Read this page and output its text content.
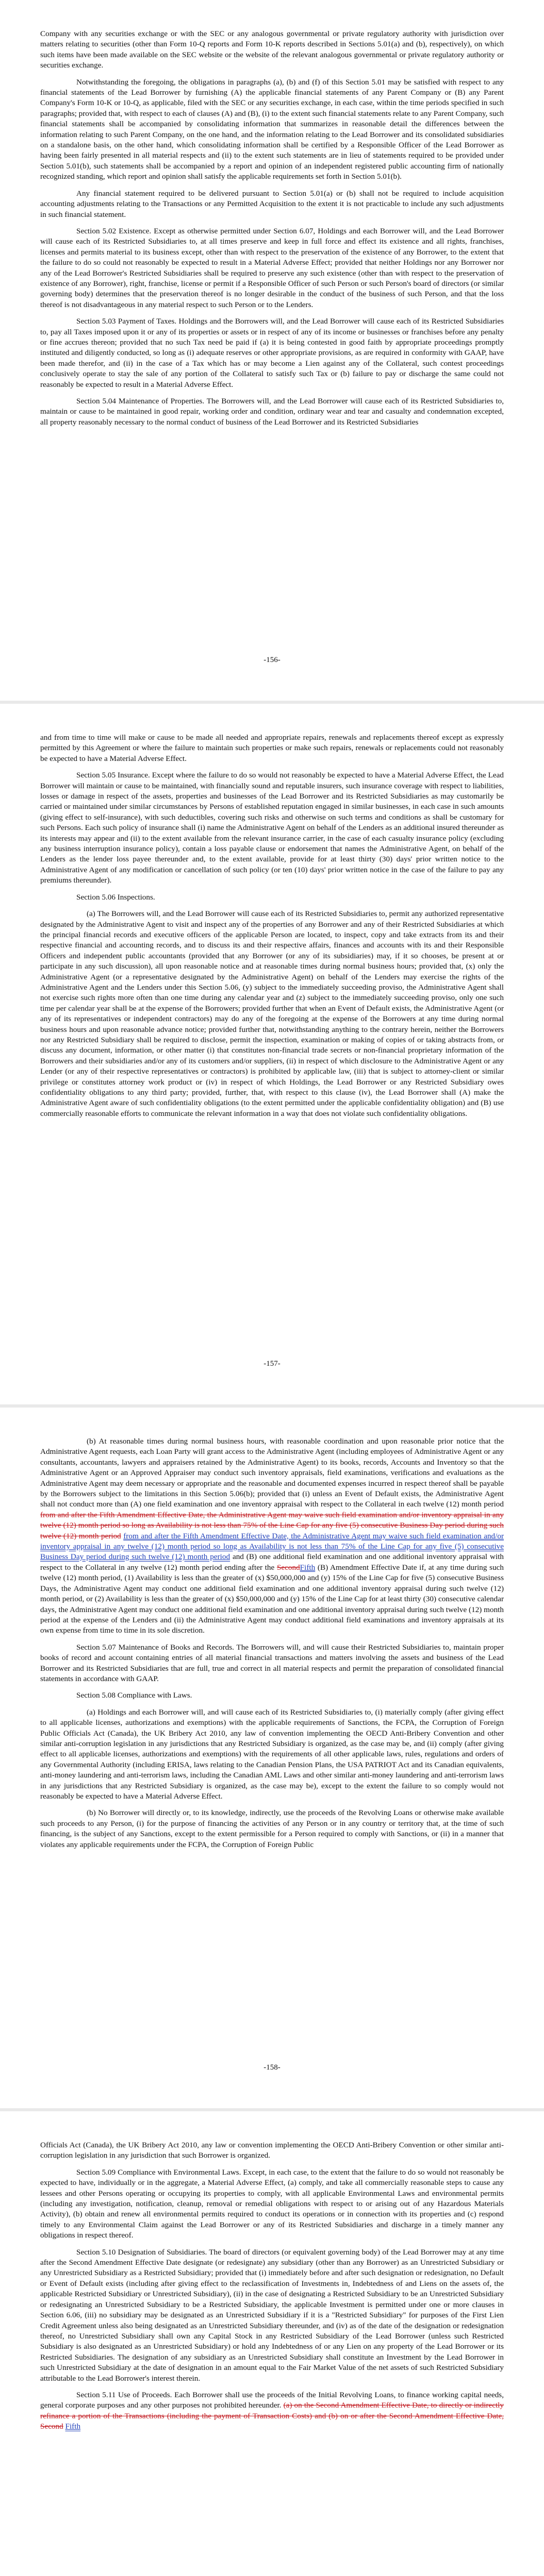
Company with any securities exchange or with the SEC or any analogous governmental or private regulatory authority with jurisdiction over matters relating to securities (other than Form 10-Q reports and Form 10-K reports described in Sections 5.01(a) and (b), respectively), on which such items have been made available on the SEC website or the website of the relevant analogous governmental or private regulatory authority or securities exchange.

Notwithstanding the foregoing, the obligations in paragraphs (a), (b) and (f) of this Section 5.01 may be satisfied with respect to any financial statements of the Lead Borrower by furnishing (A) the applicable financial statements of any Parent Company or (B) any Parent Company's Form 10-K or 10-Q, as applicable, filed with the SEC or any securities exchange, in each case, within the time periods specified in such paragraphs; provided that, with respect to each of clauses (A) and (B), (i) to the extent such financial statements relate to any Parent Company, such financial statements shall be accompanied by consolidating information that summarizes in reasonable detail the differences between the information relating to such Parent Company, on the one hand, and the information relating to the Lead Borrower and its consolidated subsidiaries on a standalone basis, on the other hand, which consolidating information shall be certified by a Responsible Officer of the Lead Borrower as having been fairly presented in all material respects and (ii) to the extent such statements are in lieu of statements required to be provided under Section 5.01(b), such statements shall be accompanied by a report and opinion of an independent registered public accounting firm of nationally recognized standing, which report and opinion shall satisfy the applicable requirements set forth in Section 5.01(b).

Any financial statement required to be delivered pursuant to Section 5.01(a) or (b) shall not be required to include acquisition accounting adjustments relating to the Transactions or any Permitted Acquisition to the extent it is not practicable to include any such adjustments in such financial statement.

Section 5.02 Existence. Except as otherwise permitted under Section 6.07, Holdings and each Borrower will, and the Lead Borrower will cause each of its Restricted Subsidiaries to, at all times preserve and keep in full force and effect its existence and all rights, franchises, licenses and permits material to its business except, other than with respect to the preservation of the existence of any Borrower, to the extent that the failure to do so could not reasonably be expected to result in a Material Adverse Effect; provided that neither Holdings nor any Borrower nor any of the Lead Borrower's Restricted Subsidiaries shall be required to preserve any such existence (other than with respect to the preservation of existence of any Borrower), right, franchise, license or permit if a Responsible Officer of such Person or such Person's board of directors (or similar governing body) determines that the preservation thereof is no longer desirable in the conduct of the business of such Person, and that the loss thereof is not disadvantageous in any material respect to such Person or to the Lenders.

Section 5.03 Payment of Taxes. Holdings and the Borrowers will, and the Lead Borrower will cause each of its Restricted Subsidiaries to, pay all Taxes imposed upon it or any of its properties or assets or in respect of any of its income or businesses or franchises before any penalty or fine accrues thereon; provided that no such Tax need be paid if (a) it is being contested in good faith by appropriate proceedings promptly instituted and diligently conducted, so long as (i) adequate reserves or other appropriate provisions, as are required in conformity with GAAP, have been made therefor, and (ii) in the case of a Tax which has or may become a Lien against any of the Collateral, such contest proceedings conclusively operate to stay the sale of any portion of the Collateral to satisfy such Tax or (b) failure to pay or discharge the same could not reasonably be expected to result in a Material Adverse Effect.

Section 5.04 Maintenance of Properties. The Borrowers will, and the Lead Borrower will cause each of its Restricted Subsidiaries to, maintain or cause to be maintained in good repair, working order and condition, ordinary wear and tear and casualty and condemnation excepted, all property reasonably necessary to the normal conduct of business of the Lead Borrower and its Restricted Subsidiaries

-156-

and from time to time will make or cause to be made all needed and appropriate repairs, renewals and replacements thereof except as expressly permitted by this Agreement or where the failure to maintain such properties or make such repairs, renewals or replacements could not reasonably be expected to have a Material Adverse Effect.

Section 5.05 Insurance. Except where the failure to do so would not reasonably be expected to have a Material Adverse Effect, the Lead Borrower will maintain or cause to be maintained, with financially sound and reputable insurers, such insurance coverage with respect to liabilities, losses or damage in respect of the assets, properties and businesses of the Lead Borrower and its Restricted Subsidiaries as may customarily be carried or maintained under similar circumstances by Persons of established reputation engaged in similar businesses, in each case in such amounts (giving effect to self-insurance), with such deductibles, covering such risks and otherwise on such terms and conditions as shall be customary for such Persons. Each such policy of insurance shall (i) name the Administrative Agent on behalf of the Lenders as an additional insured thereunder as its interests may appear and (ii) to the extent available from the relevant insurance carrier, in the case of each casualty insurance policy (excluding any business interruption insurance policy), contain a loss payable clause or endorsement that names the Administrative Agent, on behalf of the Lenders as the lender loss payee thereunder and, to the extent available, provide for at least thirty (30) days' prior written notice to the Administrative Agent of any modification or cancellation of such policy (or ten (10) days' prior written notice in the case of the failure to pay any premiums thereunder).

Section 5.06 Inspections.

(a) The Borrowers will, and the Lead Borrower will cause each of its Restricted Subsidiaries to, permit any authorized representative designated by the Administrative Agent to visit and inspect any of the properties of any Borrower and any of their Restricted Subsidiaries at which the principal financial records and executive officers of the applicable Person are located, to inspect, copy and take extracts from its and their respective financial and accounting records, and to discuss its and their respective affairs, finances and accounts with its and their Responsible Officers and independent public accountants (provided that any Borrower (or any of its subsidiaries) may, if it so chooses, be present at or participate in any such discussion), all upon reasonable notice and at reasonable times during normal business hours; provided that, (x) only the Administrative Agent (or a representative designated by the Administrative Agent) on behalf of the Lenders may exercise the rights of the Administrative Agent and the Lenders under this Section 5.06, (y) subject to the immediately succeeding proviso, the Administrative Agent shall not exercise such rights more often than one time during any calendar year and (z) subject to the immediately succeeding proviso, only one such time per calendar year shall be at the expense of the Borrowers; provided further that when an Event of Default exists, the Administrative Agent (or any of its representatives or independent contractors) may do any of the foregoing at the expense of the Borrowers at any time during normal business hours and upon reasonable advance notice; provided further that, notwithstanding anything to the contrary herein, neither the Borrowers nor any Restricted Subsidiary shall be required to disclose, permit the inspection, examination or making of copies of or taking abstracts from, or discuss any document, information, or other matter (i) that constitutes non-financial trade secrets or non-financial proprietary information of the Borrowers and their subsidiaries and/or any of its customers and/or suppliers, (ii) in respect of which disclosure to the Administrative Agent or any Lender (or any of their respective representatives or contractors) is prohibited by applicable law, (iii) that is subject to attorney-client or similar privilege or constitutes attorney work product or (iv) in respect of which Holdings, the Lead Borrower or any Restricted Subsidiary owes confidentiality obligations to any third party; provided, further, that, with respect to this clause (iv), the Lead Borrower shall (A) make the Administrative Agent aware of such confidentiality obligations (to the extent permitted under the applicable confidentiality obligation) and (B) use commercially reasonable efforts to communicate the relevant information in a way that does not violate such confidentiality obligations.

-157-

(b) At reasonable times during normal business hours, with reasonable coordination and upon reasonable prior notice that the Administrative Agent requests, each Loan Party will grant access to the Administrative Agent (including employees of Administrative Agent or any consultants, accountants, lawyers and appraisers retained by the Administrative Agent) to its books, records, Accounts and Inventory so that the Administrative Agent or an Approved Appraiser may conduct such inventory appraisals, field examinations, verifications and evaluations as the Administrative Agent may deem necessary or appropriate and the reasonable and documented expenses incurred in respect thereof shall be payable by the Borrowers subject to the limitations in this Section 5.06(b); provided that (i) unless an Event of Default exists, the Administrative Agent shall not conduct more than (A) one field examination and one inventory appraisal with respect to the Collateral in each twelve (12) month period from and after the Fifth Amendment Effective Date, the Administrative Agent may waive such field examination and/or inventory appraisal in any twelve (12) month period so long as Availability is not less than 75% of the Line Cap for any five (5) consecutive Business Day period during such twelve (12) month period from and after the Fifth Amendment Effective Date, the Administrative Agent may waive such field examination and/or inventory appraisal in any twelve (12) month period so long as Availability is not less than 75% of the Line Cap for any five (5) consecutive Business Day period during such twelve (12) month period and (B) one additional field examination and one additional inventory appraisal with respect to the Collateral in any twelve (12) month period ending after the SecondFifth (B) Amendment Effective Date if, at any time during such twelve (12) month period, (1) Availability is less than the greater of (x) $50,000,000 and (y) 15% of the Line Cap for five (5) consecutive Business Days, the Administrative Agent may conduct one additional field examination and one additional inventory appraisal during such twelve (12) month period, or (2) Availability is less than the greater of (x) $50,000,000 and (y) 15% of the Line Cap for at least thirty (30) consecutive calendar days, the Administrative Agent may conduct one additional field examination and one additional inventory appraisal during such twelve (12) month period at the expense of the Lenders and (ii) the Administrative Agent may conduct additional field examinations and inventory appraisals at its own expense from time to time in its sole discretion.

Section 5.07 Maintenance of Books and Records. The Borrowers will, and will cause their Restricted Subsidiaries to, maintain proper books of record and account containing entries of all material financial transactions and matters involving the assets and business of the Lead Borrower and its Restricted Subsidiaries that are full, true and correct in all material respects and permit the preparation of consolidated financial statements in accordance with GAAP.

Section 5.08 Compliance with Laws.

(a) Holdings and each Borrower will, and will cause each of its Restricted Subsidiaries to, (i) materially comply (after giving effect to all applicable licenses, authorizations and exemptions) with the applicable requirements of Sanctions, the FCPA, the Corruption of Foreign Public Officials Act (Canada), the UK Bribery Act 2010, any law of convention implementing the OECD Anti-Bribery Convention and other similar anti-corruption legislation in any jurisdictions that any Restricted Subsidiary is organized, as the case may be, and (ii) comply (after giving effect to all applicable licenses, authorizations and exemptions) with the requirements of all other applicable laws, rules, regulations and orders of any Governmental Authority (including ERISA, laws relating to the Canadian Pension Plans, the USA PATRIOT Act and its Canadian equivalents, anti-money laundering and anti-terrorism laws, including the Canadian AML Laws and other similar anti-money laundering and anti-terrorism laws in any jurisdictions that any Restricted Subsidiary is organized, as the case may be), except to the extent the failure to so comply would not reasonably be expected to have a Material Adverse Effect.

(b) No Borrower will directly or, to its knowledge, indirectly, use the proceeds of the Revolving Loans or otherwise make available such proceeds to any Person, (i) for the purpose of financing the activities of any Person or in any country or territory that, at the time of such financing, is the subject of any Sanctions, except to the extent permissible for a Person required to comply with Sanctions, or (ii) in a manner that violates any applicable requirements under the FCPA, the Corruption of Foreign Public

-158-

Officials Act (Canada), the UK Bribery Act 2010, any law or convention implementing the OECD Anti-Bribery Convention or other similar anti-corruption legislation in any jurisdiction that such Borrower is organized.

Section 5.09 Compliance with Environmental Laws. Except, in each case, to the extent that the failure to do so would not reasonably be expected to have, individually or in the aggregate, a Material Adverse Effect, (a) comply, and take all commercially reasonable steps to cause any lessees and other Persons operating or occupying its properties to comply, with all applicable Environmental Laws and environmental permits (including any investigation, notification, cleanup, removal or remedial obligations with respect to or arising out of any Hazardous Materials Activity), (b) obtain and renew all environmental permits required to conduct its operations or in connection with its properties and (c) respond timely to any Environmental Claim against the Lead Borrower or any of its Restricted Subsidiaries and discharge in a timely manner any obligations in respect thereof.

Section 5.10 Designation of Subsidiaries. The board of directors (or equivalent governing body) of the Lead Borrower may at any time after the Second Amendment Effective Date designate (or redesignate) any subsidiary (other than any Borrower) as an Unrestricted Subsidiary or any Unrestricted Subsidiary as a Restricted Subsidiary; provided that (i) immediately before and after such designation or redesignation, no Default or Event of Default exists (including after giving effect to the reclassification of Investments in, Indebtedness of and Liens on the assets of, the applicable Restricted Subsidiary or Unrestricted Subsidiary), (ii) in the case of designating a Restricted Subsidiary to be an Unrestricted Subsidiary or redesignating an Unrestricted Subsidiary to be a Restricted Subsidiary, the applicable Investment is permitted under one or more clauses in Section 6.06, (iii) no subsidiary may be designated as an Unrestricted Subsidiary if it is a "Restricted Subsidiary" for purposes of the First Lien Credit Agreement unless also being designated as an Unrestricted Subsidiary thereunder, and (iv) as of the date of the designation or redesignation thereof, no Unrestricted Subsidiary shall own any Capital Stock in any Restricted Subsidiary of the Lead Borrower (unless such Restricted Subsidiary is also designated as an Unrestricted Subsidiary) or hold any Indebtedness of or any Lien on any property of the Lead Borrower or its Restricted Subsidiaries. The designation of any subsidiary as an Unrestricted Subsidiary shall constitute an Investment by the Lead Borrower in such Unrestricted Subsidiary at the date of designation in an amount equal to the Fair Market Value of the net assets of such Restricted Subsidiary attributable to the Lead Borrower's interest therein.

Section 5.11 Use of Proceeds. Each Borrower shall use the proceeds of the Initial Revolving Loans, to finance working capital needs, general corporate purposes and any other purposes not prohibited hereunder. (a) on the Second Amendment Effective Date, to directly or indirectly refinance a portion of the Transactions (including the payment of Transaction Costs) and (b) on or after the Second Amendment Effective Date, Second Fifth
